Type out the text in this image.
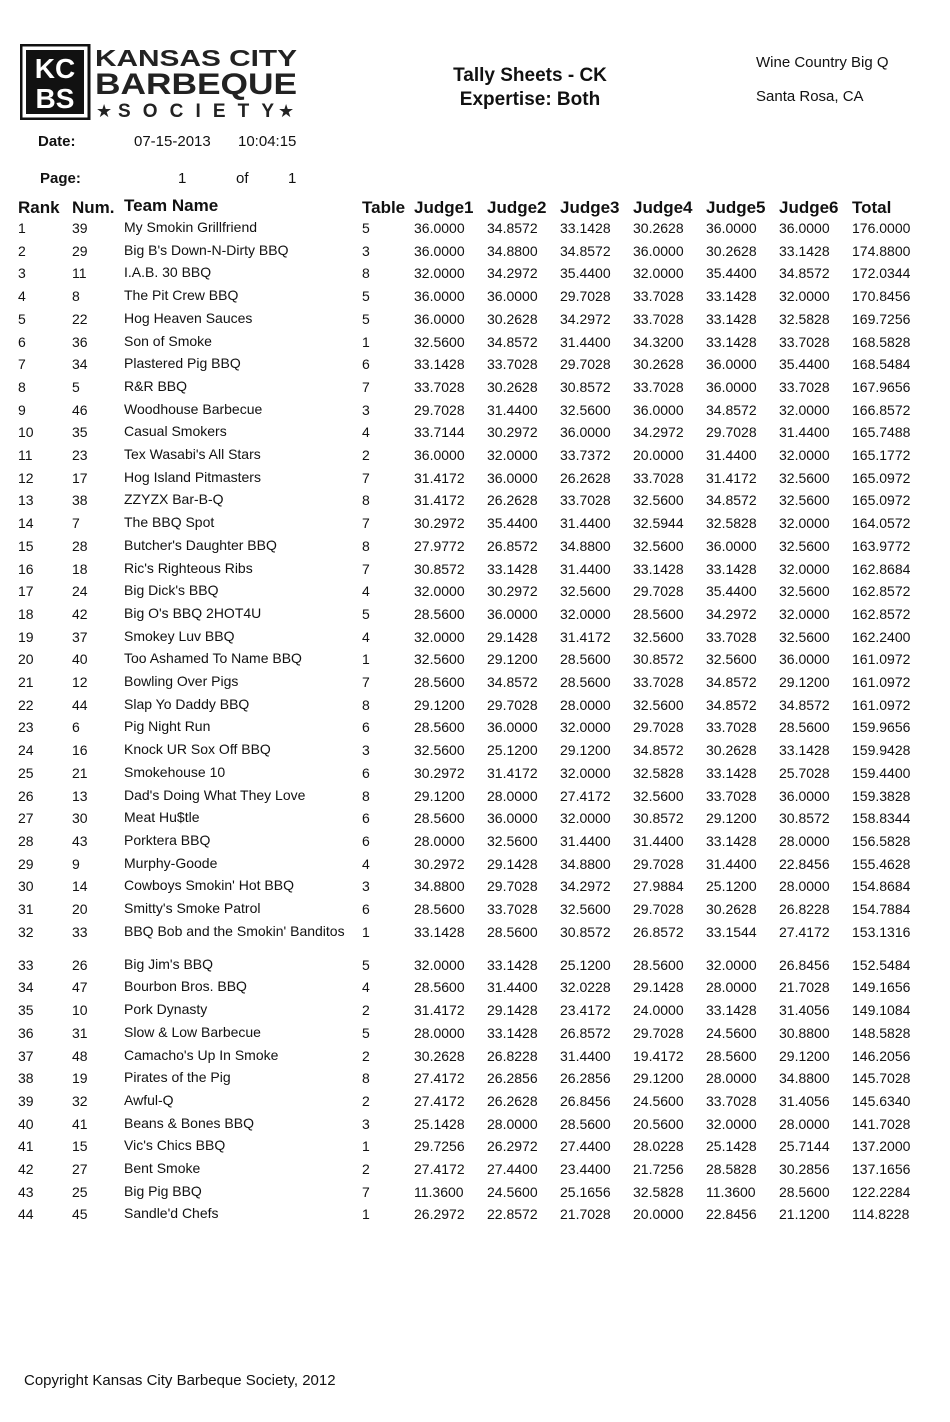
KC
BS
KANSAS CITY
BARBEQUE
SOCIETY
★	★
Tally Sheets - CK
Expertise: Both
Wine Country Big Q
Santa Rosa, CA
Date:	07-15-2013 10:04:15
Page:	1	of	1
Rank Num. Team Name	Table Judge1 Judge2 Judge3 Judge4 Judge5 Judge6 Total
1	39	My Smokin Grillfriend	5	36.0000 34.8572 33.1428 30.2628 36.0000 36.0000 176.0000
2	29	Big B's Down-N-Dirty BBQ	3	36.0000 34.8800 34.8572 36.0000 30.2628 33.1428 174.8800
3	11	I.A.B. 30 BBQ	8	32.0000 34.2972 35.4400 32.0000 35.4400 34.8572 172.0344
4	8	The Pit Crew BBQ	5	36.0000 36.0000 29.7028 33.7028 33.1428 32.0000 170.8456
5	22	Hog Heaven Sauces	5	36.0000 30.2628 34.2972 33.7028 33.1428 32.5828 169.7256
6	36	Son of Smoke	1	32.5600 34.8572 31.4400 34.3200 33.1428 33.7028 168.5828
7	34	Plastered Pig BBQ	6	33.1428 33.7028 29.7028 30.2628 36.0000 35.4400 168.5484
8	5	R&R BBQ	7	33.7028 30.2628 30.8572 33.7028 36.0000 33.7028 167.9656
9	46	Woodhouse Barbecue	3	29.7028 31.4400 32.5600 36.0000 34.8572 32.0000 166.8572
10	35	Casual Smokers	4	33.7144 30.2972 36.0000 34.2972 29.7028 31.4400 165.7488
11	23	Tex Wasabi's All Stars	2	36.0000 32.0000 33.7372 20.0000 31.4400 32.0000 165.1772
12	17	Hog Island Pitmasters	7	31.4172 36.0000 26.2628 33.7028 31.4172 32.5600 165.0972
13	38	ZZYZX Bar-B-Q	8	31.4172 26.2628 33.7028 32.5600 34.8572 32.5600 165.0972
14	7	The BBQ Spot	7	30.2972 35.4400 31.4400 32.5944 32.5828 32.0000 164.0572
15	28	Butcher's Daughter BBQ	8	27.9772 26.8572 34.8800 32.5600 36.0000 32.5600 163.9772
16	18	Ric's Righteous Ribs	7	30.8572 33.1428 31.4400 33.1428 33.1428 32.0000 162.8684
17	24	Big Dick's BBQ	4	32.0000 30.2972 32.5600 29.7028 35.4400 32.5600 162.8572
18	42	Big O's BBQ 2HOT4U	5	28.5600 36.0000 32.0000 28.5600 34.2972 32.0000 162.8572
19	37	Smokey Luv BBQ	4	32.0000 29.1428 31.4172 32.5600 33.7028 32.5600 162.2400
20	40	Too Ashamed To Name BBQ	1	32.5600 29.1200 28.5600 30.8572 32.5600 36.0000 161.0972
21	12	Bowling Over Pigs	7	28.5600 34.8572 28.5600 33.7028 34.8572 29.1200 161.0972
22	44	Slap Yo Daddy BBQ	8	29.1200 29.7028 28.0000 32.5600 34.8572 34.8572 161.0972
23	6	Pig Night Run	6	28.5600 36.0000 32.0000 29.7028 33.7028 28.5600 159.9656
24	16	Knock UR Sox Off BBQ	3	32.5600 25.1200 29.1200 34.8572 30.2628 33.1428 159.9428
25	21	Smokehouse 10	6	30.2972 31.4172 32.0000 32.5828 33.1428 25.7028 159.4400
26	13	Dad's Doing What They Love	8	29.1200 28.0000 27.4172 32.5600 33.7028 36.0000 159.3828
27	30	Meat Hu$tle	6	28.5600 36.0000 32.0000 30.8572 29.1200 30.8572 158.8344
28	43	Porktera BBQ	6	28.0000 32.5600 31.4400 31.4400 33.1428 28.0000 156.5828
29	9	Murphy-Goode	4	30.2972 29.1428 34.8800 29.7028 31.4400 22.8456 155.4628
30	14	Cowboys Smokin' Hot BBQ	3	34.8800 29.7028 34.2972 27.9884 25.1200 28.0000 154.8684
31	20	Smitty's Smoke Patrol	6	28.5600 33.7028 32.5600 29.7028 30.2628 26.8228 154.7884
32	33	BBQ Bob and the Smokin' Banditos	1	33.1428 28.5600 30.8572 26.8572 33.1544 27.4172 153.1316
33	26	Big Jim's BBQ	5	32.0000 33.1428 25.1200 28.5600 32.0000 26.8456 152.5484
34	47	Bourbon Bros. BBQ	4	28.5600 31.4400 32.0228 29.1428 28.0000 21.7028 149.1656
35	10	Pork Dynasty	2	31.4172 29.1428 23.4172 24.0000 33.1428 31.4056 149.1084
36	31	Slow & Low Barbecue	5	28.0000 33.1428 26.8572 29.7028 24.5600 30.8800 148.5828
37	48	Camacho's Up In Smoke	2	30.2628 26.8228 31.4400 19.4172 28.5600 29.1200 146.2056
38	19	Pirates of the Pig	8	27.4172 26.2856 26.2856 29.1200 28.0000 34.8800 145.7028
39	32	Awful-Q	2	27.4172 26.2628 26.8456 24.5600 33.7028 31.4056 145.6340
40	41	Beans & Bones BBQ	3	25.1428 28.0000 28.5600 20.5600 32.0000 28.0000 141.7028
41	15	Vic's Chics BBQ	1	29.7256 26.2972 27.4400 28.0228 25.1428 25.7144 137.2000
42	27	Bent Smoke	2	27.4172 27.4400 23.4400 21.7256 28.5828 30.2856 137.1656
43	25	Big Pig BBQ	7	11.3600 24.5600 25.1656 32.5828 11.3600 28.5600 122.2284
44	45	Sandle'd Chefs	1	26.2972 22.8572 21.7028 20.0000 22.8456 21.1200 114.8228
Copyright Kansas City Barbeque Society, 2012
